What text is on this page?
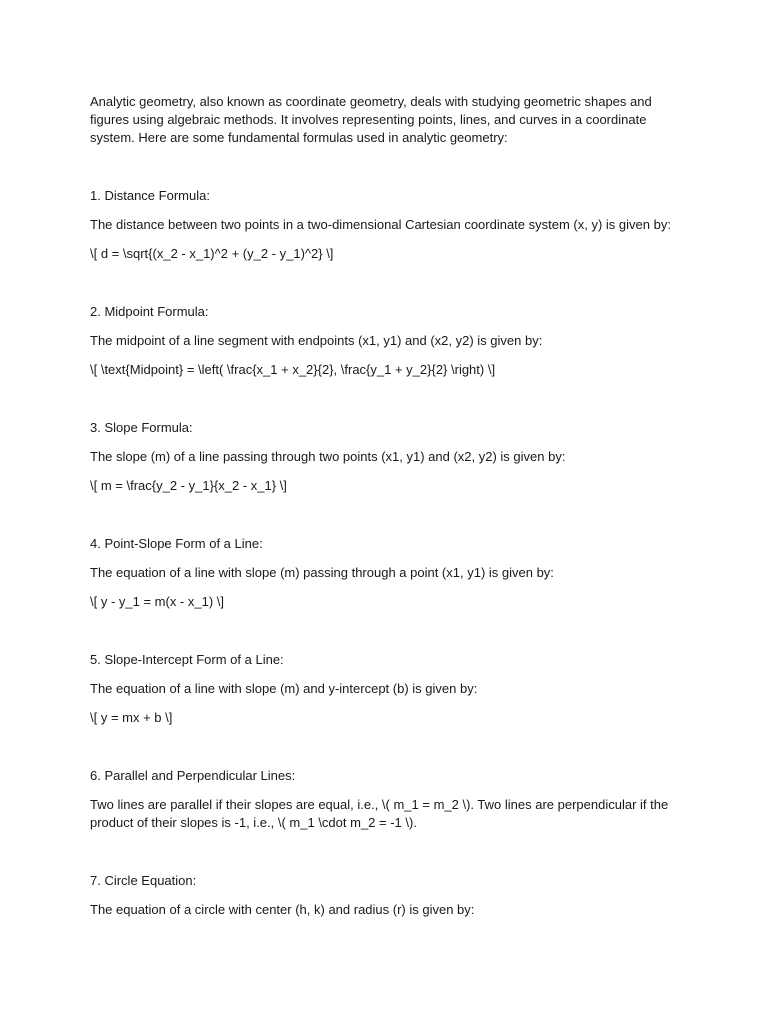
Analytic geometry, also known as coordinate geometry, deals with studying geometric shapes and figures using algebraic methods. It involves representing points, lines, and curves in a coordinate system. Here are some fundamental formulas used in analytic geometry:

1. Distance Formula:

The distance between two points in a two-dimensional Cartesian coordinate system (x, y) is given by:

\[ d = \sqrt{(x_2 - x_1)^2 + (y_2 - y_1)^2} \]

2. Midpoint Formula:

The midpoint of a line segment with endpoints (x1, y1) and (x2, y2) is given by:

\[ \text{Midpoint} = \left( \frac{x_1 + x_2}{2}, \frac{y_1 + y_2}{2} \right) \]

3. Slope Formula:

The slope (m) of a line passing through two points (x1, y1) and (x2, y2) is given by:

\[ m = \frac{y_2 - y_1}{x_2 - x_1} \]

4. Point-Slope Form of a Line:

The equation of a line with slope (m) passing through a point (x1, y1) is given by:

\[ y - y_1 = m(x - x_1) \]

5. Slope-Intercept Form of a Line:

The equation of a line with slope (m) and y-intercept (b) is given by:

\[ y = mx + b \]

6. Parallel and Perpendicular Lines:

Two lines are parallel if their slopes are equal, i.e., \( m_1 = m_2 \). Two lines are perpendicular if the product of their slopes is -1, i.e., \( m_1 \cdot m_2 = -1 \).

7. Circle Equation:

The equation of a circle with center (h, k) and radius (r) is given by:
